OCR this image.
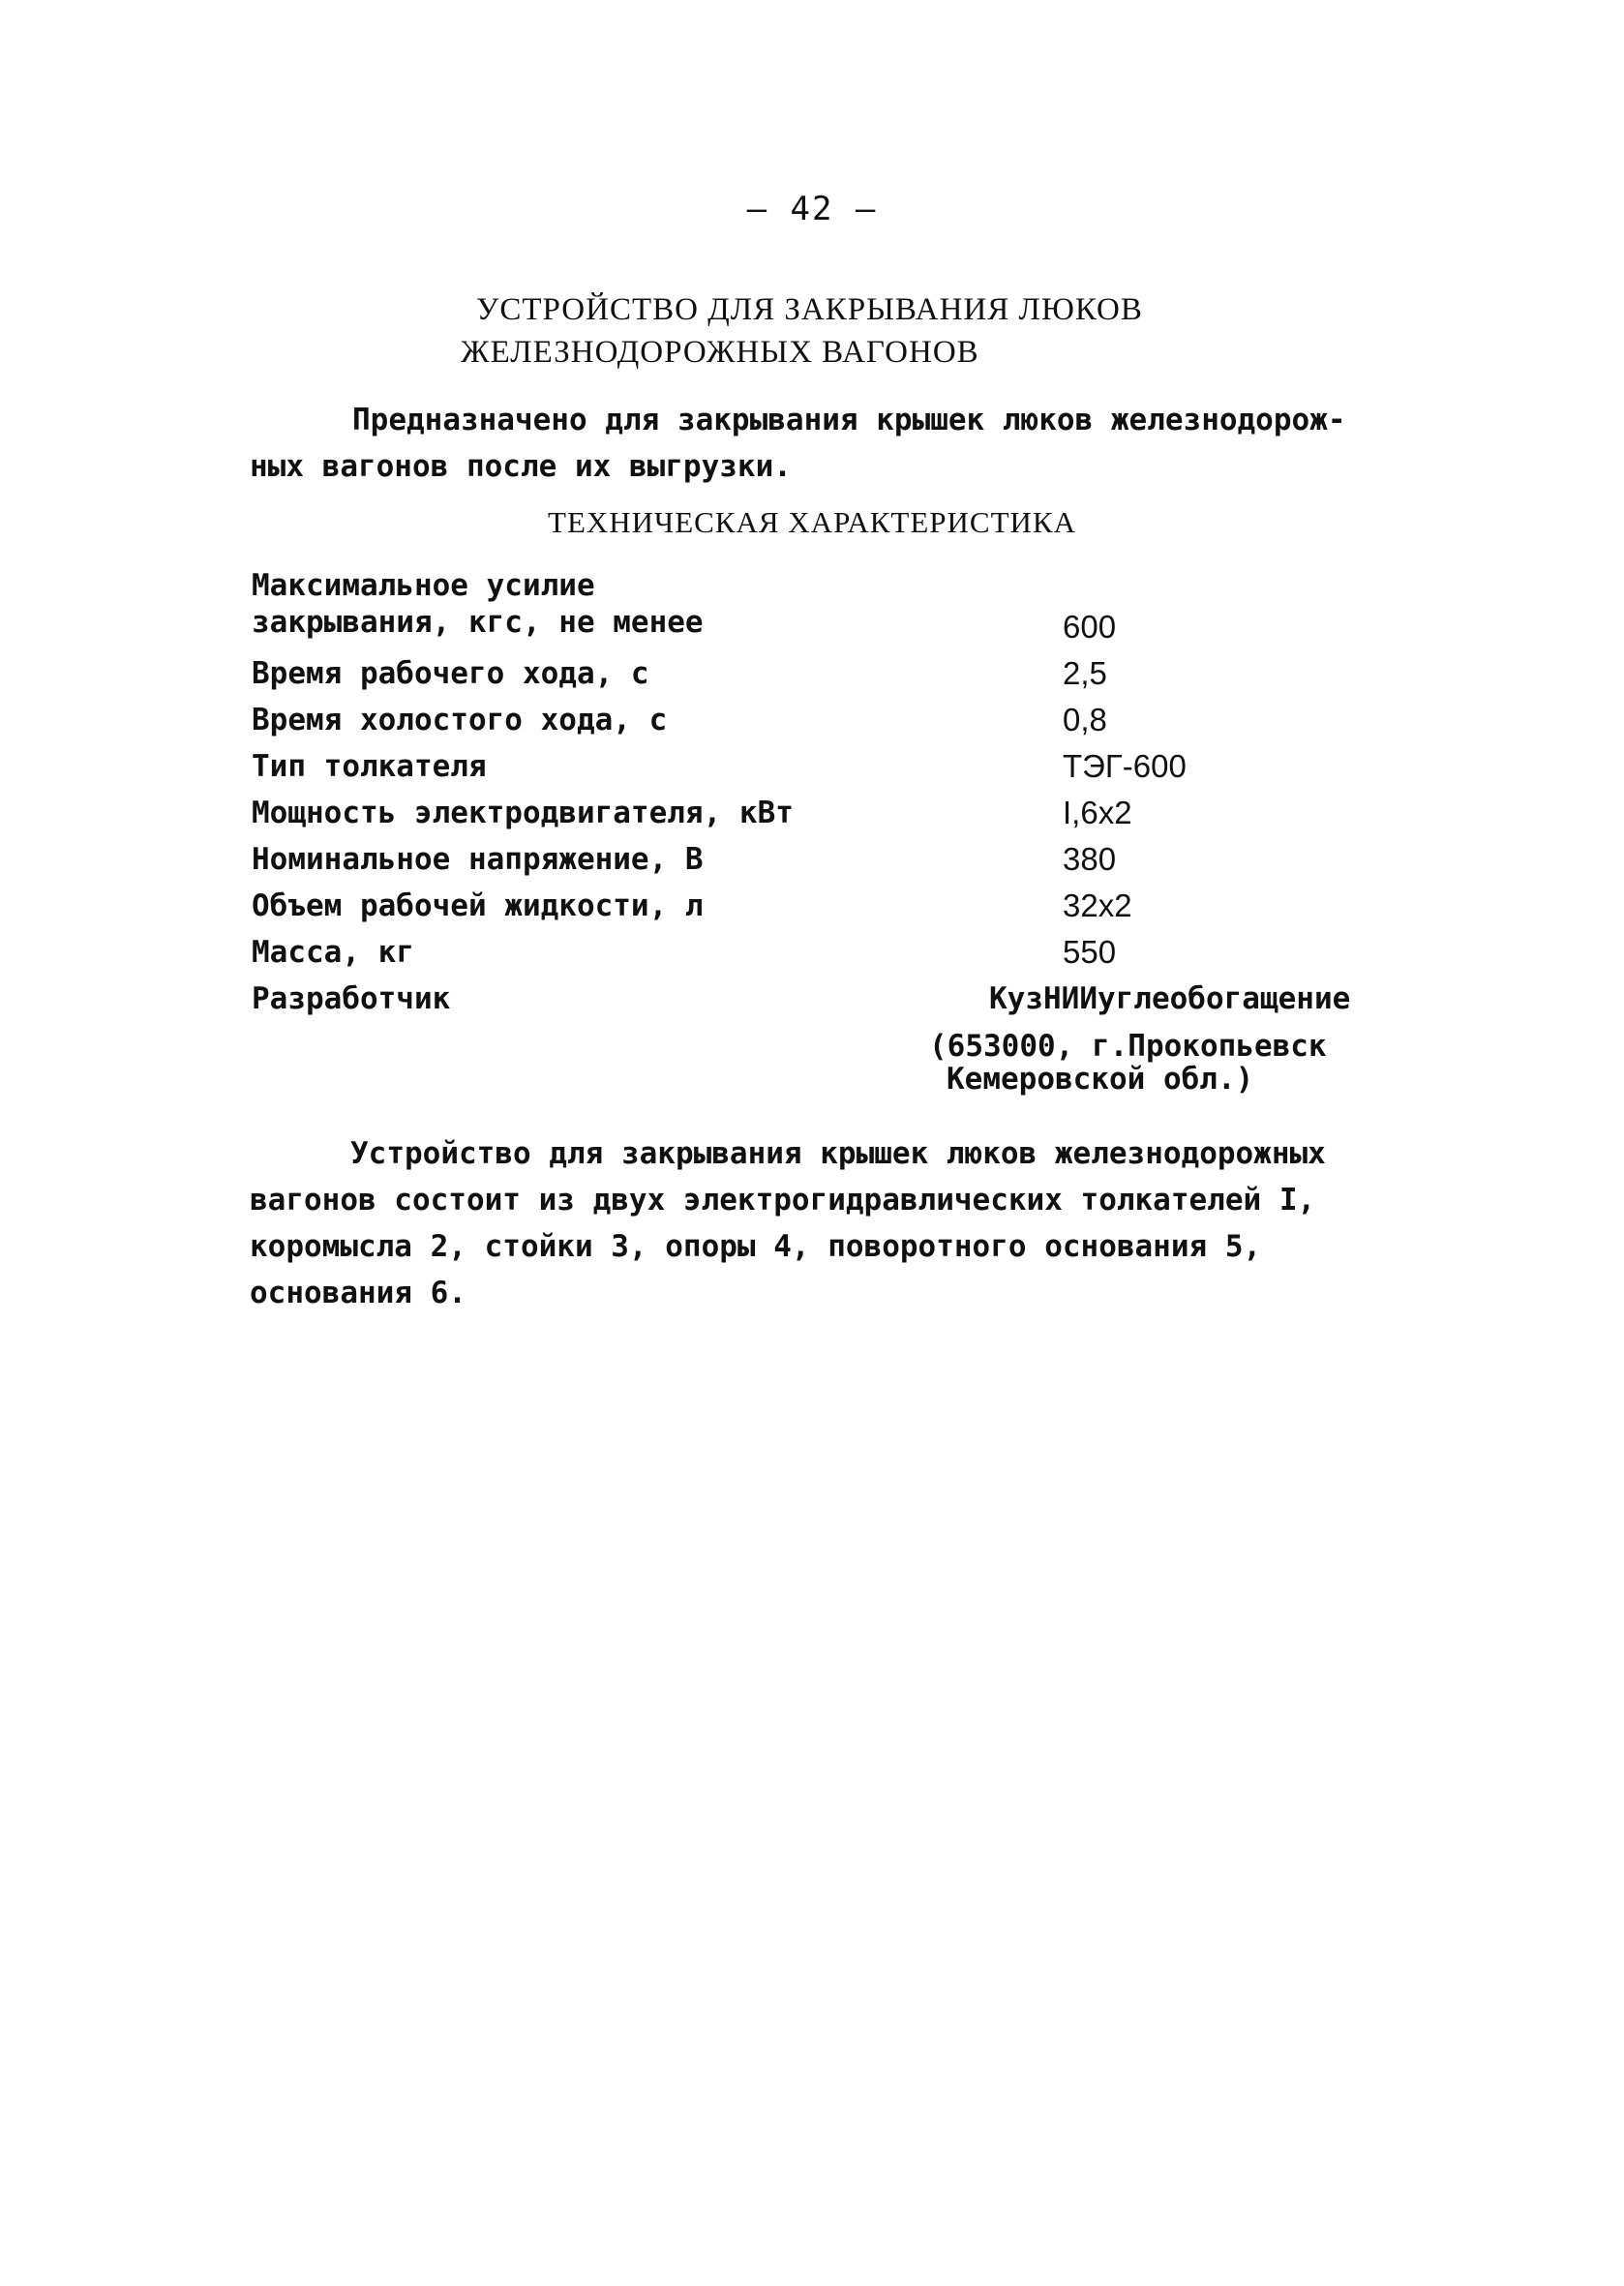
– 42 –
УСТРОЙСТВО ДЛЯ ЗАКРЫВАНИЯ ЛЮКОВ
ЖЕЛЕЗНОДОРОЖНЫХ ВАГОНОВ
Предназначено для закрывания крышек люков железнодорож-
ных вагонов после их выгрузки.
ТЕХНИЧЕСКАЯ ХАРАКТЕРИСТИКА
Максимальное усилие
закрывания, кгс, не менее	600
Время рабочего хода, с	2,5
Время холостого хода, с	0,8
Тип толкателя	ТЭГ-600
Мощность электродвигателя, кВт	I,6x2
Номинальное напряжение, В	380
Объем рабочей жидкости, л	32x2
Масса, кг	550
Разработчик	КузНИИуглеобогащение
(653000, г.Прокопьевск
Кемеровской обл.)
Устройство для закрывания крышек люков железнодорожных
вагонов состоит из двух электрогидравлических толкателей I,
коромысла 2, стойки 3, опоры 4, поворотного основания 5,
основания 6.
